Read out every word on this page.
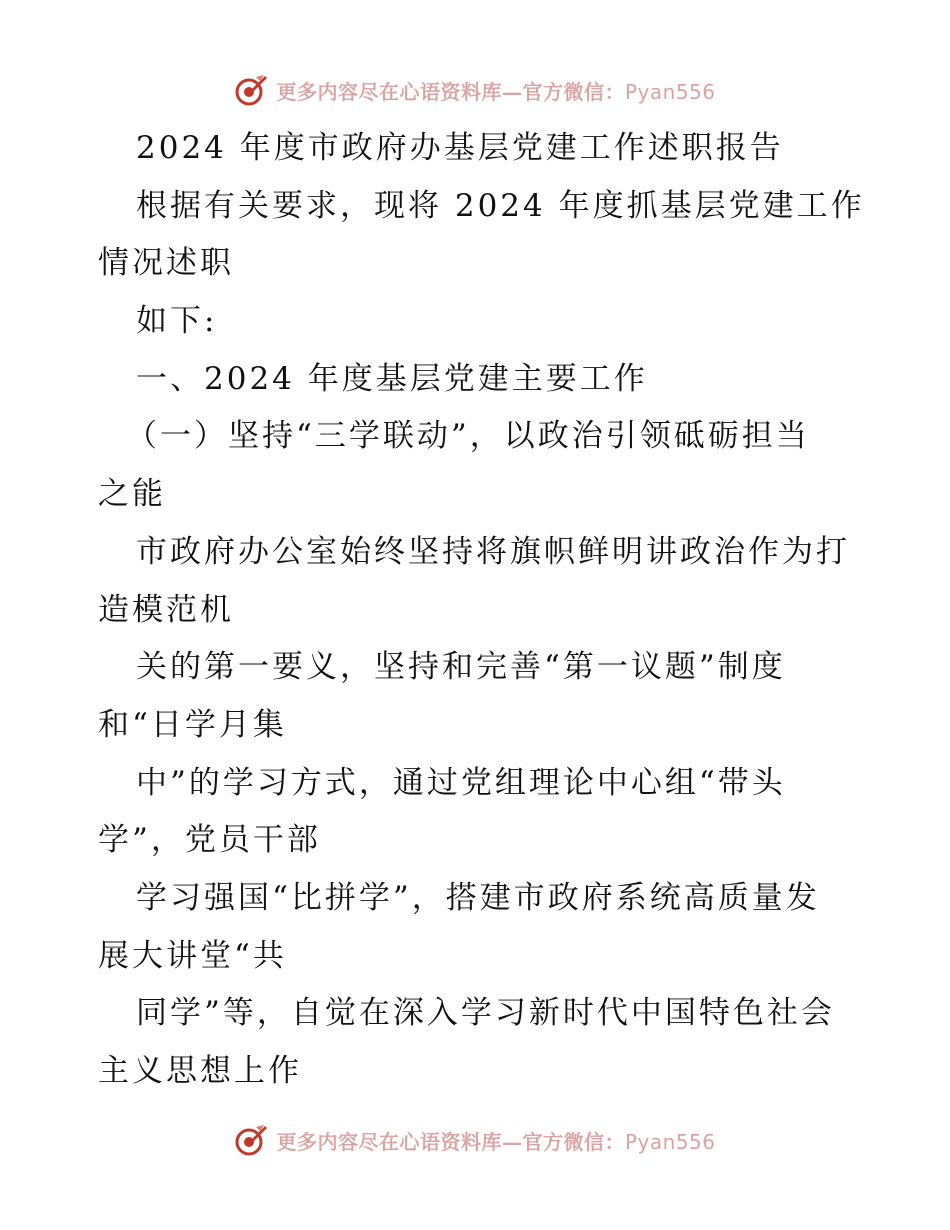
更多内容尽在心语资料库—官方微信：Pyan556
2024 年度市政府办基层党建工作述职报告
根据有关要求，现将 2024 年度抓基层党建工作
情况述职
如下:
一、2024 年度基层党建主要工作
（一）坚持“三学联动”，以政治引领砥砺担当
之能
市政府办公室始终坚持将旗帜鲜明讲政治作为打
造模范机
关的第一要义，坚持和完善“第一议题”制度
和“日学月集
中”的学习方式，通过党组理论中心组“带头
学”，党员干部
学习强国“比拼学”，搭建市政府系统高质量发
展大讲堂“共
同学”等，自觉在深入学习新时代中国特色社会
主义思想上作
更多内容尽在心语资料库—官方微信：Pyan556
